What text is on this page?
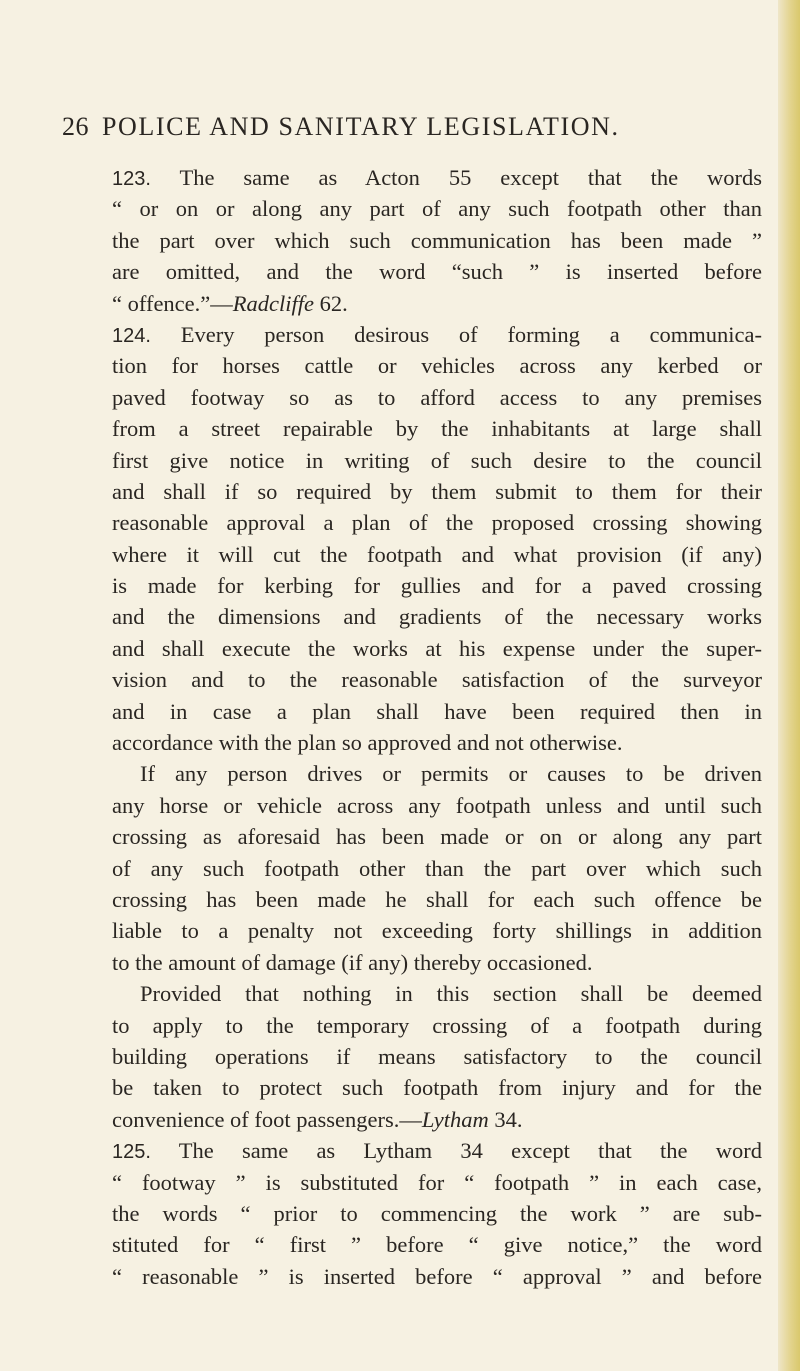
26 POLICE AND SANITARY LEGISLATION.
123. The same as Acton 55 except that the words
“ or on or along any part of any such footpath other than
the part over which such communication has been made ”
are omitted, and the word “such ” is inserted before
“ offence.”—Radcliffe 62.
124. Every person desirous of forming a communica-
tion for horses cattle or vehicles across any kerbed or
paved footway so as to afford access to any premises
from a street repairable by the inhabitants at large shall
first give notice in writing of such desire to the council
and shall if so required by them submit to them for their
reasonable approval a plan of the proposed crossing showing
where it will cut the footpath and what provision (if any)
is made for kerbing for gullies and for a paved crossing
and the dimensions and gradients of the necessary works
and shall execute the works at his expense under the super-
vision and to the reasonable satisfaction of the surveyor
and in case a plan shall have been required then in
accordance with the plan so approved and not otherwise.
If any person drives or permits or causes to be driven
any horse or vehicle across any footpath unless and until such
crossing as aforesaid has been made or on or along any part
of any such footpath other than the part over which such
crossing has been made he shall for each such offence be
liable to a penalty not exceeding forty shillings in addition
to the amount of damage (if any) thereby occasioned.
Provided that nothing in this section shall be deemed
to apply to the temporary crossing of a footpath during
building operations if means satisfactory to the council
be taken to protect such footpath from injury and for the
convenience of foot passengers.—Lytham 34.
125. The same as Lytham 34 except that the word
“ footway ” is substituted for “ footpath ” in each case,
the words “ prior to commencing the work ” are sub-
stituted for “ first ” before “ give notice,” the word
“ reasonable ” is inserted before “ approval ” and before
